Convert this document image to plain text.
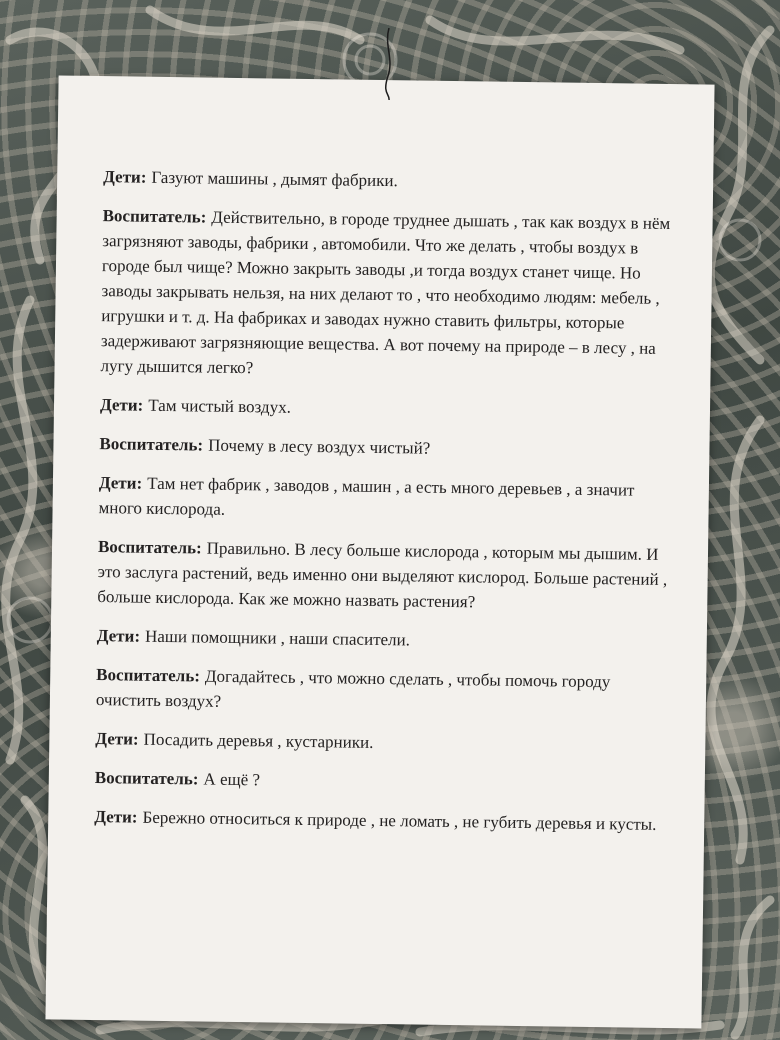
Дети: Газуют машины , дымят фабрики.

Воспитатель: Действительно, в городе труднее дышать , так как воздух в нём загрязняют заводы, фабрики , автомобили. Что же делать , чтобы воздух в городе был чище? Можно закрыть заводы ,и тогда воздух станет чище. Но заводы закрывать нельзя, на них делают то , что необходимо людям: мебель , игрушки и т. д. На фабриках и заводах нужно ставить фильтры, которые задерживают загрязняющие вещества. А вот почему на природе – в лесу , на лугу дышится легко?

Дети: Там чистый воздух.

Воспитатель: Почему в лесу воздух чистый?

Дети: Там нет фабрик , заводов , машин , а есть много деревьев , а значит много кислорода.

Воспитатель: Правильно. В лесу больше кислорода , которым мы дышим. И это заслуга растений, ведь именно они выделяют кислород. Больше растений , больше кислорода. Как же можно назвать растения?

Дети: Наши помощники , наши спасители.

Воспитатель: Догадайтесь , что можно сделать , чтобы помочь городу очистить воздух?

Дети: Посадить деревья , кустарники.

Воспитатель: А ещё ?

Дети: Бережно относиться к природе , не ломать , не губить деревья и кусты.
